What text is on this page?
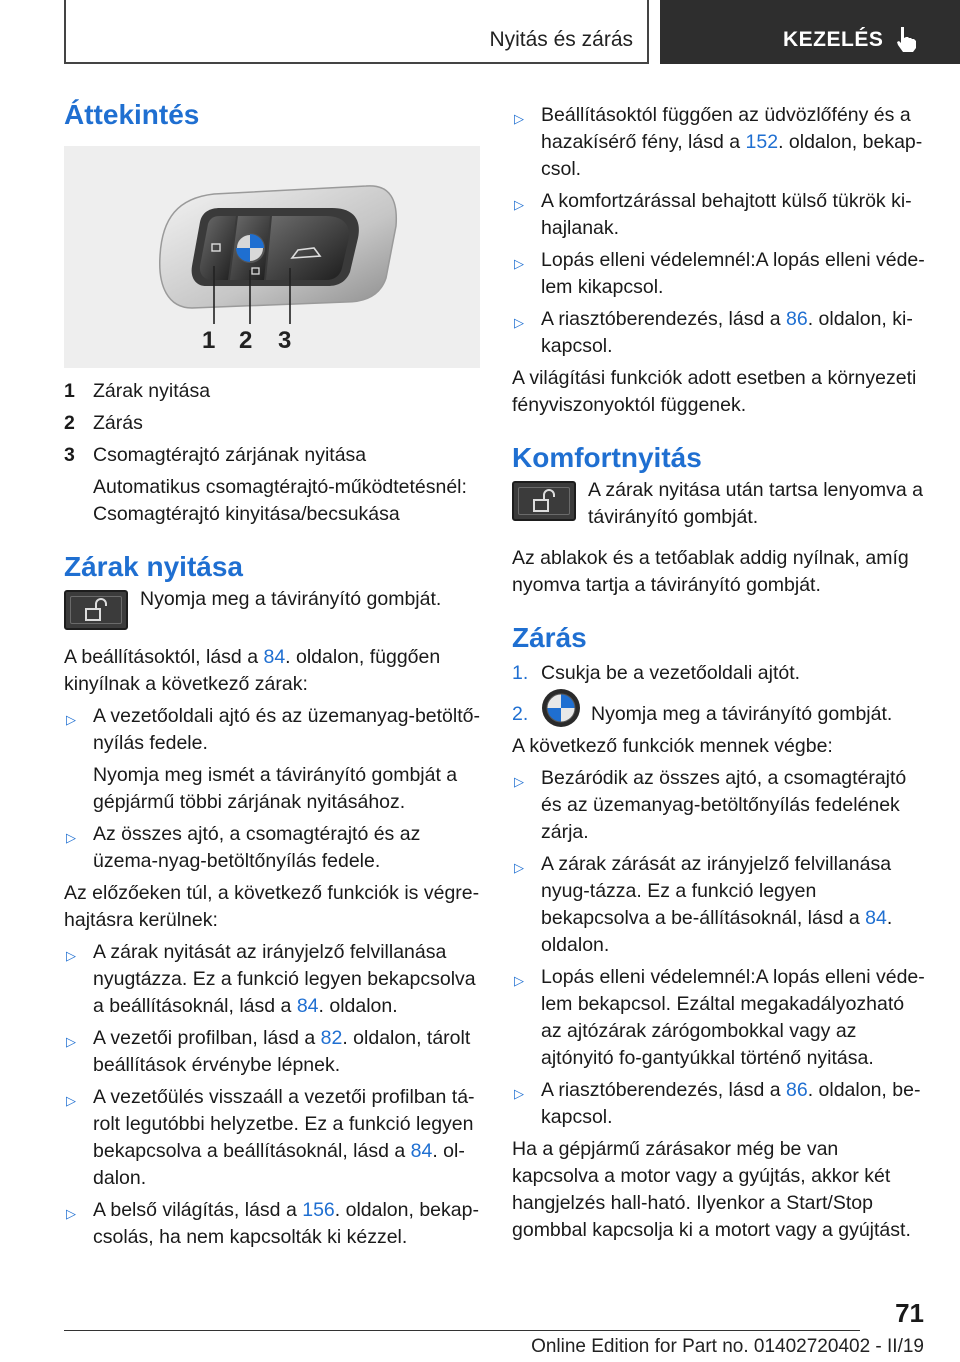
Nyitás és zárás	KEZELÉS
Áttekintés
1 2 3
1 Zárak nyitása
2 Zárás
3 Csomagtérajtó zárjának nyitása
Automatikus csomagtérajtó-működtetésnél: Csomagtérajtó kinyitása/becsukása
Zárak nyitása

Nyomja meg a távirányító gombját.

A beállításoktól, lásd a 84. oldalon, függően kinyílnak a következő zárak:

▷ A vezetőoldali ajtó és az üzemanyag-betöltő-nyílás fedele.

Nyomja meg ismét a távirányító gombját a gépjármű többi zárjának nyitásához.

▷ Az összes ajtó, a csomagtérajtó és az üzema-nyag-betöltőnyílás fedele.

Az előzőeken túl, a következő funkciók is végre-hajtásra kerülnek:

▷ A zárak nyitását az irányjelző felvillanása nyugtázza. Ez a funkció legyen bekapcsolva a beállításoknál, lásd a 84. oldalon.
▷ A vezetői profilban, lásd a 82. oldalon, tárolt beállítások érvénybe lépnek.
▷ A vezetőülés visszaáll a vezetői profilban tá-rolt legutóbbi helyzetbe. Ez a funkció legyen bekapcsolva a beállításoknál, lásd a 84. ol-dalon.
▷ A belső világítás, lásd a 156. oldalon, bekap-csolás, ha nem kapcsolták ki kézzel.
▷ Beállításoktól függően az üdvözlőfény és a hazakísérő fény, lásd a 152. oldalon, bekap-csol.
▷ A komfortzárással behajtott külső tükrök ki-hajlanak.
▷ Lopás elleni védelemnél:A lopás elleni véde-lem kikapcsol.
▷ A riasztóberendezés, lásd a 86. oldalon, ki-kapcsol.

A világítási funkciók adott esetben a környezeti fényviszonyoktól függenek.

Komfortnyitás

A zárak nyitása után tartsa lenyomva a távirányító gombját.

Az ablakok és a tetőablak addig nyílnak, amíg nyomva tartja a távirányító gombját.

Zárás
1. Csukja be a vezetőoldali ajtót.
2.	Nyomja meg a távirányító gombját.

A következő funkciók mennek végbe:

▷ Bezáródik az összes ajtó, a csomagtérajtó és az üzemanyag-betöltőnyílás fedelének zárja.
▷ A zárak zárását az irányjelző felvillanása nyug-tázza. Ez a funkció legyen bekapcsolva a be-állításoknál, lásd a 84. oldalon.
▷ Lopás elleni védelemnél:A lopás elleni véde-lem bekapcsol. Ezáltal megakadályozható az ajtózárak zárógombokkal vagy az ajtónyitó fo-gantyúkkal történő nyitása.
▷ A riasztóberendezés, lásd a 86. oldalon, be-kapcsol.

Ha a gépjármű zárásakor még be van kapcsolva a motor vagy a gyújtás, akkor két hangjelzés hall-ható. Ilyenkor a Start/Stop gombbal kapcsolja ki a motort vagy a gyújtást.

71
Online Edition for Part no. 01402720402 - II/19
